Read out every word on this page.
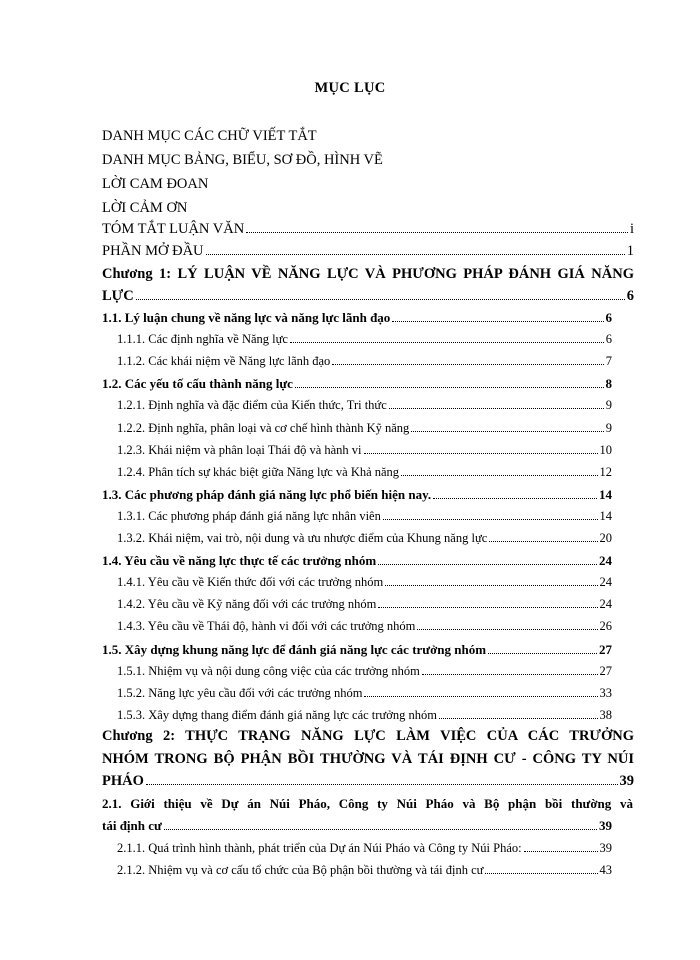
MỤC LỤC
DANH MỤC CÁC CHỮ VIẾT TẮT
DANH MỤC BẢNG, BIỂU, SƠ ĐỒ, HÌNH VẼ
LỜI CAM ĐOAN
LỜI CẢM ƠN
TÓM TẮT LUẬN VĂN	i
PHẦN MỞ ĐẦU	1
Chương 1: LÝ LUẬN VỀ NĂNG LỰC VÀ PHƯƠNG PHÁP ĐÁNH GIÁ NĂNG
LỰC	6
1.1. Lý luận chung về năng lực và năng lực lãnh đạo	6
1.1.1. Các định nghĩa về Năng lực	6
1.1.2. Các khái niệm về Năng lực lãnh đạo	7
1.2. Các yếu tố cấu thành năng lực	8
1.2.1. Định nghĩa và đặc điểm của Kiến thức, Tri thức	9
1.2.2. Định nghĩa, phân loại và cơ chế hình thành Kỹ năng	9
1.2.3. Khái niệm và phân loại Thái độ và hành vi	10
1.2.4. Phân tích sự khác biệt giữa Năng lực và Khả năng	12
1.3. Các phương pháp đánh giá năng lực phổ biến hiện nay.	14
1.3.1. Các phương pháp đánh giá năng lực nhân viên	14
1.3.2. Khái niệm, vai trò, nội dung và ưu nhược điểm của Khung năng lực	20
1.4. Yêu cầu về năng lực thực tế các trưởng nhóm	24
1.4.1. Yêu cầu về Kiến thức đối với các trưởng nhóm	24
1.4.2. Yêu cầu về Kỹ năng đối với các trưởng nhóm	24
1.4.3. Yêu cầu về Thái độ, hành vi đối với các trưởng nhóm	26
1.5. Xây dựng khung năng lực để đánh giá năng lực các trưởng nhóm	27
1.5.1. Nhiệm vụ và nội dung công việc của các trưởng nhóm	27
1.5.2. Năng lực yêu cầu đối với các trưởng nhóm	33
1.5.3. Xây dựng thang điểm đánh giá năng lực các trưởng nhóm	38
Chương 2: THỰC TRẠNG NĂNG LỰC LÀM VIỆC CỦA CÁC TRƯỞNG
NHÓM TRONG BỘ PHẬN BỒI THƯỜNG VÀ TÁI ĐỊNH CƯ - CÔNG TY NÚI
PHÁO	39
2.1. Giới thiệu về Dự án Núi Pháo, Công ty Núi Pháo và Bộ phận bồi thường và
tái định cư	39
2.1.1. Quá trình hình thành, phát triển của Dự án Núi Pháo và Công ty Núi Pháo:	39
2.1.2. Nhiệm vụ và cơ cấu tổ chức của Bộ phận bồi thường và tái định cư	43
